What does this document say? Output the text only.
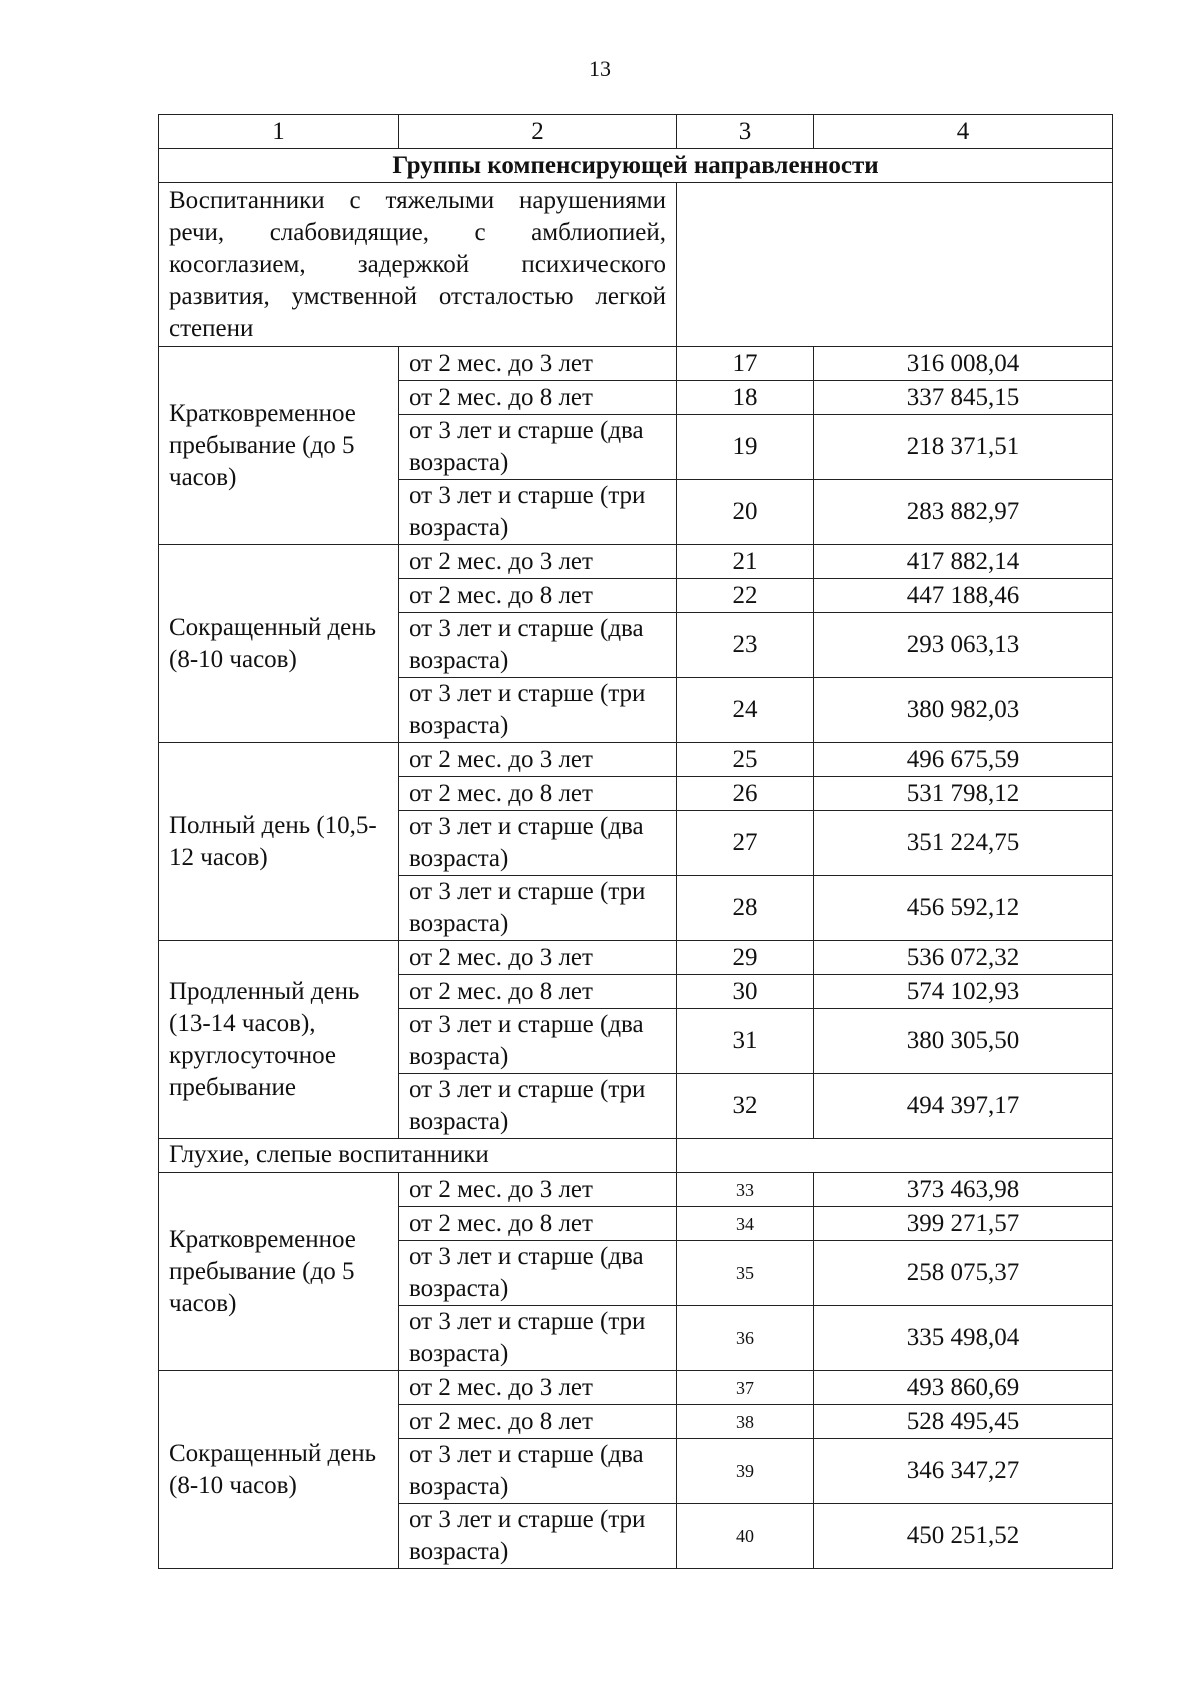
13
1	2	3	4
Группы компенсирующей направленности			
Воспитанники с тяжелыми нарушениями речи, слабовидящие, с амблиопией, косоглазием, задержкой психического развития, умственной отсталостью легкой степени			
Кратковременное пребывание (до 5 часов)	от 2 мес. до 3 лет	17	316 008,04
	от 2 мес. до 8 лет	18	337 845,15
	от 3 лет и старше (два возраста)	19	218 371,51
	от 3 лет и старше (три возраста)	20	283 882,97
Сокращенный день (8-10 часов)	от 2 мес. до 3 лет	21	417 882,14
	от 2 мес. до 8 лет	22	447 188,46
	от 3 лет и старше (два возраста)	23	293 063,13
	от 3 лет и старше (три возраста)	24	380 982,03
Полный день (10,5-12 часов)	от 2 мес. до 3 лет	25	496 675,59
	от 2 мес. до 8 лет	26	531 798,12
	от 3 лет и старше (два возраста)	27	351 224,75
	от 3 лет и старше (три возраста)	28	456 592,12
Продленный день (13-14 часов), круглосуточное пребывание	от 2 мес. до 3 лет	29	536 072,32
	от 2 мес. до 8 лет	30	574 102,93
	от 3 лет и старше (два возраста)	31	380 305,50
	от 3 лет и старше (три возраста)	32	494 397,17
Глухие, слепые воспитанники			
Кратковременное пребывание (до 5 часов)	от 2 мес. до 3 лет	33	373 463,98
	от 2 мес. до 8 лет	34	399 271,57
	от 3 лет и старше (два возраста)	35	258 075,37
	от 3 лет и старше (три возраста)	36	335 498,04
Сокращенный день (8-10 часов)	от 2 мес. до 3 лет	37	493 860,69
	от 2 мес. до 8 лет	38	528 495,45
	от 3 лет и старше (два возраста)	39	346 347,27
	от 3 лет и старше (три возраста)	40	450 251,52
